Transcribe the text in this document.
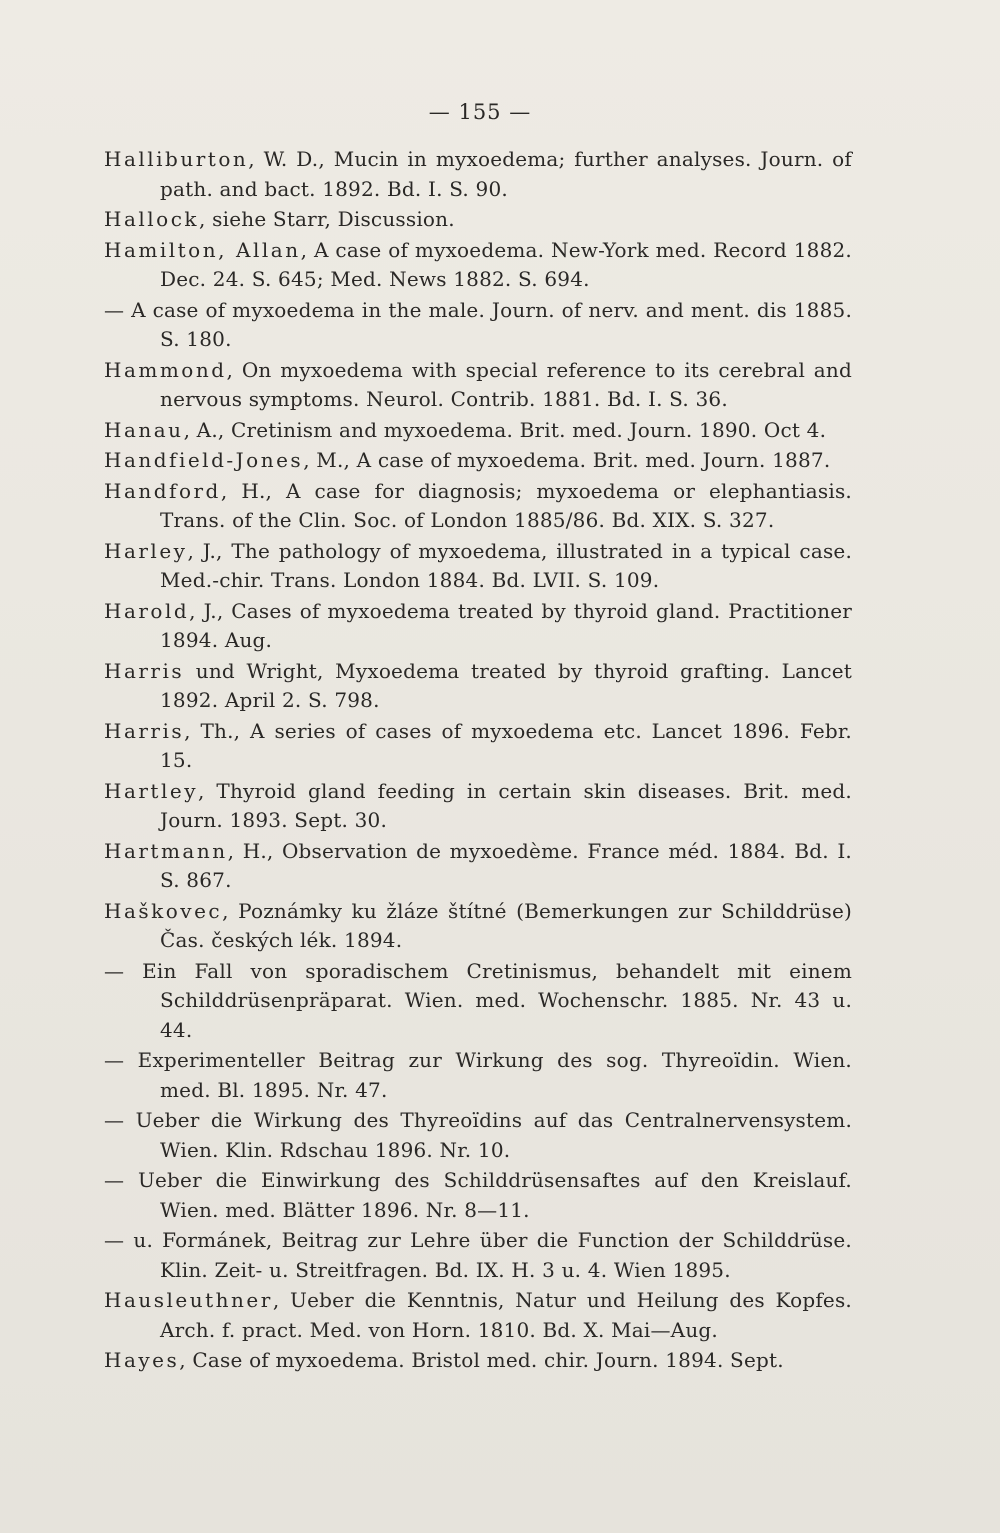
— 155 —

Halliburton, W. D., Mucin in myxoedema; further analyses. Journ. of path. and bact. 1892. Bd. I. S. 90.

Hallock, siehe Starr, Discussion.

Hamilton, Allan, A case of myxoedema. New-York med. Record 1882. Dec. 24. S. 645; Med. News 1882. S. 694.

— A case of myxoedema in the male. Journ. of nerv. and ment. dis 1885. S. 180.

Hammond, On myxoedema with special reference to its cerebral and nervous symptoms. Neurol. Contrib. 1881. Bd. I. S. 36.

Hanau, A., Cretinism and myxoedema. Brit. med. Journ. 1890. Oct 4.

Handfield-Jones, M., A case of myxoedema. Brit. med. Journ. 1887.

Handford, H., A case for diagnosis; myxoedema or elephantiasis. Trans. of the Clin. Soc. of London 1885/86. Bd. XIX. S. 327.

Harley, J., The pathology of myxoedema, illustrated in a typical case. Med.-chir. Trans. London 1884. Bd. LVII. S. 109.

Harold, J., Cases of myxoedema treated by thyroid gland. Practitioner 1894. Aug.

Harris und Wright, Myxoedema treated by thyroid grafting. Lancet 1892. April 2. S. 798.

Harris, Th., A series of cases of myxoedema etc. Lancet 1896. Febr. 15.

Hartley, Thyroid gland feeding in certain skin diseases. Brit. med. Journ. 1893. Sept. 30.

Hartmann, H., Observation de myxoedème. France méd. 1884. Bd. I. S. 867.

Haškovec, Poznámky ku žláze štítné (Bemerkungen zur Schilddrüse) Čas. českých lék. 1894.

— Ein Fall von sporadischem Cretinismus, behandelt mit einem Schilddrüsenpräparat. Wien. med. Wochenschr. 1885. Nr. 43 u. 44.

— Experimenteller Beitrag zur Wirkung des sog. Thyreoïdin. Wien. med. Bl. 1895. Nr. 47.

— Ueber die Wirkung des Thyreoïdins auf das Centralnervensystem. Wien. Klin. Rdschau 1896. Nr. 10.

— Ueber die Einwirkung des Schilddrüsensaftes auf den Kreislauf. Wien. med. Blätter 1896. Nr. 8—11.

— u. Formánek, Beitrag zur Lehre über die Function der Schilddrüse. Klin. Zeit- u. Streitfragen. Bd. IX. H. 3 u. 4. Wien 1895.

Hausleuthner, Ueber die Kenntnis, Natur und Heilung des Kopfes. Arch. f. pract. Med. von Horn. 1810. Bd. X. Mai—Aug.

Hayes, Case of myxoedema. Bristol med. chir. Journ. 1894. Sept.
